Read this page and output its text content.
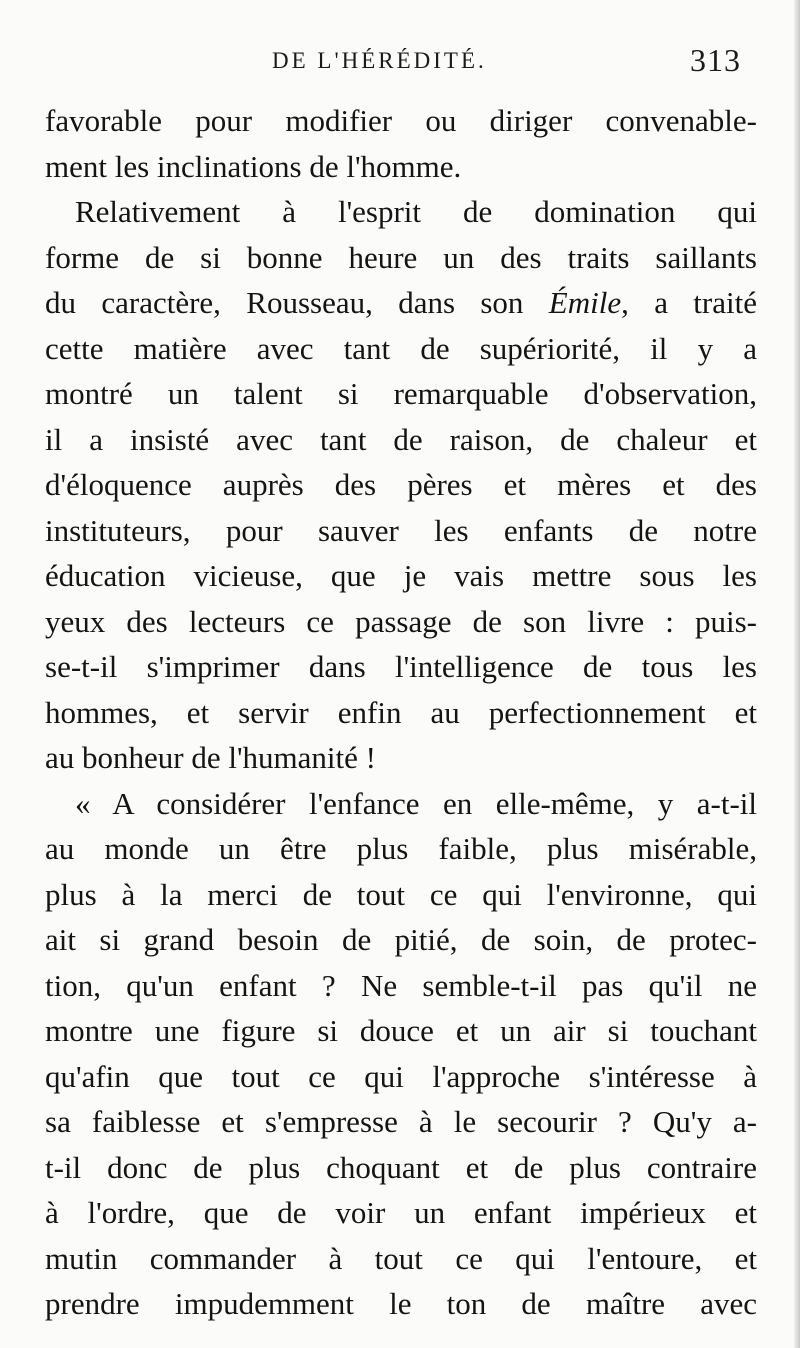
DE L'HÉRÉDITÉ.	313
favorable pour modifier ou diriger convenable-
ment les inclinations de l'homme.
Relativement à l'esprit de domination qui
forme de si bonne heure un des traits saillants
du caractère, Rousseau, dans son Émile, a traité
cette matière avec tant de supériorité, il y a
montré un talent si remarquable d'observation,
il a insisté avec tant de raison, de chaleur et
d'éloquence auprès des pères et mères et des
instituteurs, pour sauver les enfants de notre
éducation vicieuse, que je vais mettre sous les
yeux des lecteurs ce passage de son livre : puis-
se-t-il s'imprimer dans l'intelligence de tous les
hommes, et servir enfin au perfectionnement et
au bonheur de l'humanité !
« A considérer l'enfance en elle-même, y a-t-il
au monde un être plus faible, plus misérable,
plus à la merci de tout ce qui l'environne, qui
ait si grand besoin de pitié, de soin, de protec-
tion, qu'un enfant ? Ne semble-t-il pas qu'il ne
montre une figure si douce et un air si touchant
qu'afin que tout ce qui l'approche s'intéresse à
sa faiblesse et s'empresse à le secourir ? Qu'y a-
t-il donc de plus choquant et de plus contraire
à l'ordre, que de voir un enfant impérieux et
mutin commander à tout ce qui l'entoure, et
prendre impudemment le ton de maître avec
